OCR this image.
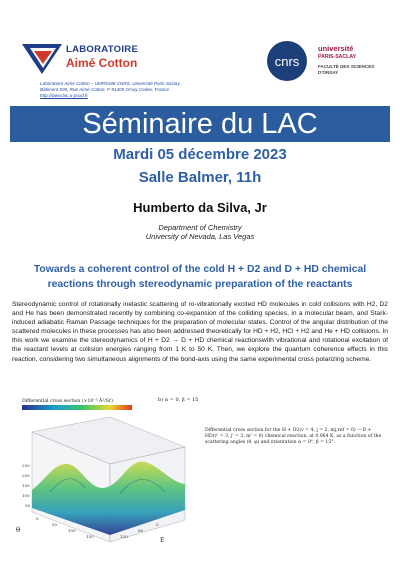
LABORATOIRE
Aimé Cotton
Laboratoire Aimé Cotton – UMR9188 CNRS, Université Paris-Saclay
Bâtiment 505, Rue Aimé Cotton, F-91405 Orsay Cedex, France
http://www.lac.u-psud.fr
cnrs
université
PARIS-SACLAY
FACULTÉ DES SCIENCES D'ORSAY
Séminaire du LAC
Mardi 05 décembre 2023
Salle Balmer, 11h
Humberto da Silva, Jr
Department of Chemistry
University of Nevada, Las Vegas
Towards a coherent control of the cold H + D2 and D + HD chemical reactions through stereodynamic preparation of the reactants
Stereodynamic control of rotationally inelastic scattering of ro-vibrationally excited HD molecules in cold collisions with H2, D2 and He has been demonstrated recently by combining co-expansion of the colliding species, in a molecular beam, and Stark-induced adiabatic Raman Passage techniques for the preparation of molecular states. Control of the angular distribution of the scattered molecules in these processes has also been addressed theoretically for HD + H2, HCl + H2 and He + HD collisions. In this work we examine the stereodynamics of H + D2 → D + HD chemical reactionswith vibrational and rotational excitation of the reactant levels at collision energies ranging from 1 K to 50 K. Then, we explore the quantum coherence effects in this reaction, considering two simultaneous alignments of the bond-axis using the same experimental cross polarizing scheme.
Differential cross section (×10⁻³ Å²/Sr)
250
200
150
100
50
0
50
100
150	120
60
0
θ
E
b) α = 0, β = 15
Differential cross section for the H + D2(v = 4, j = 2, mj,ref = 0) → D + HD(v' = 3, j' = 3, m' = 0) chemical reaction, at 0.064 K, as a function of the scattering angles (θ, φ) and orientation α = 0°, β = 15°.
